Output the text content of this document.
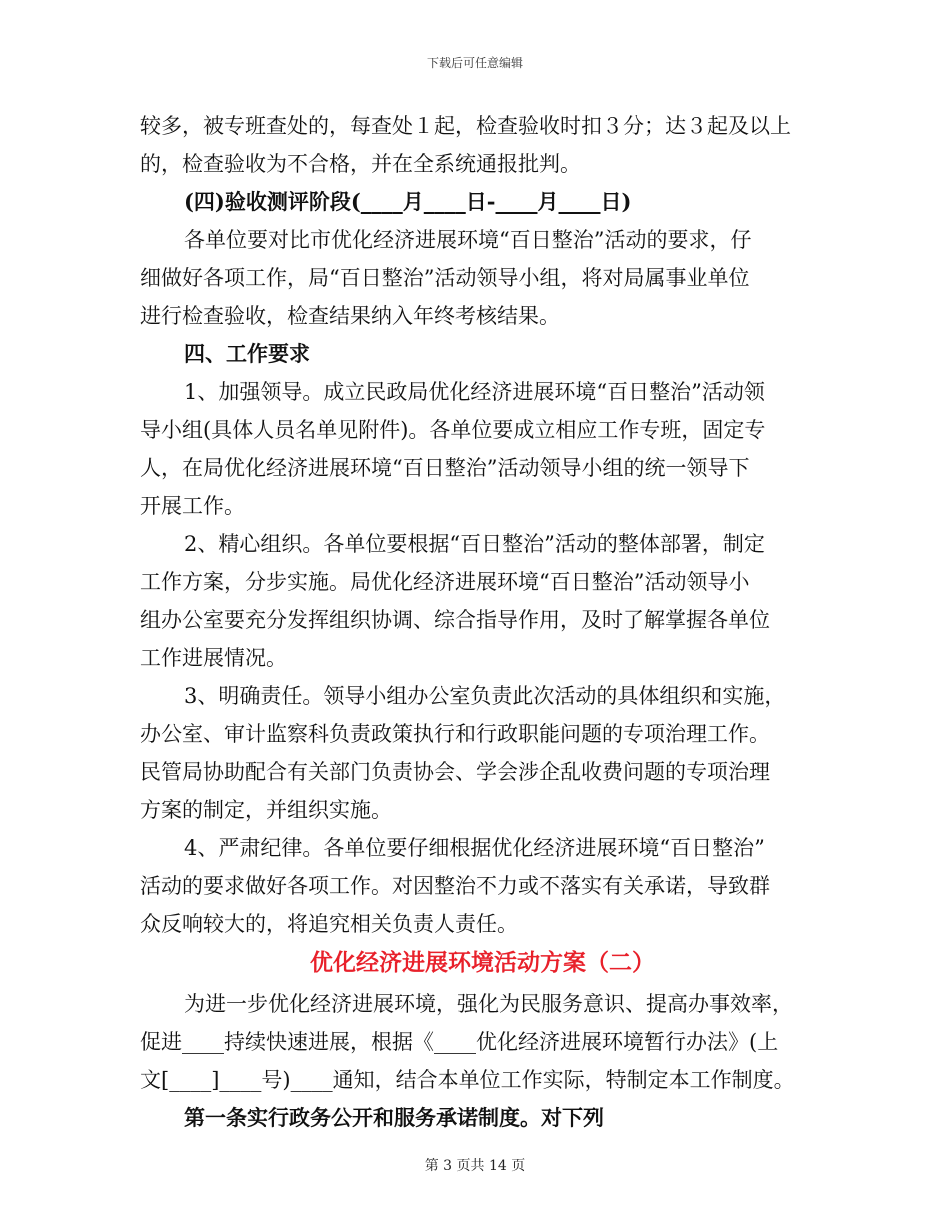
下载后可任意编辑
较多，被专班查处的，每查处１起，检查验收时扣３分；达３起及以上
的，检查验收为不合格，并在全系统通报批判。
(四)验收测评阶段(____月____日-____月____日)
各单位要对比市优化经济进展环境“百日整治”活动的要求，仔
细做好各项工作，局“百日整治”活动领导小组，将对局属事业单位
进行检查验收，检查结果纳入年终考核结果。
四、工作要求
1、加强领导。成立民政局优化经济进展环境“百日整治”活动领
导小组(具体人员名单见附件)。各单位要成立相应工作专班，固定专
人，在局优化经济进展环境“百日整治”活动领导小组的统一领导下
开展工作。
2、精心组织。各单位要根据“百日整治”活动的整体部署，制定
工作方案，分步实施。局优化经济进展环境“百日整治”活动领导小
组办公室要充分发挥组织协调、综合指导作用，及时了解掌握各单位
工作进展情况。
3、明确责任。领导小组办公室负责此次活动的具体组织和实施，
办公室、审计监察科负责政策执行和行政职能问题的专项治理工作。
民管局协助配合有关部门负责协会、学会涉企乱收费问题的专项治理
方案的制定，并组织实施。
4、严肃纪律。各单位要仔细根据优化经济进展环境“百日整治”
活动的要求做好各项工作。对因整治不力或不落实有关承诺，导致群
众反响较大的，将追究相关负责人责任。
优化经济进展环境活动方案（二）
为进一步优化经济进展环境，强化为民服务意识、提高办事效率，
促进____持续快速进展，根据《____优化经济进展环境暂行办法》(上
文[____]____号)____通知，结合本单位工作实际，特制定本工作制度。
第一条实行政务公开和服务承诺制度。对下列
第 3 页共 14 页
